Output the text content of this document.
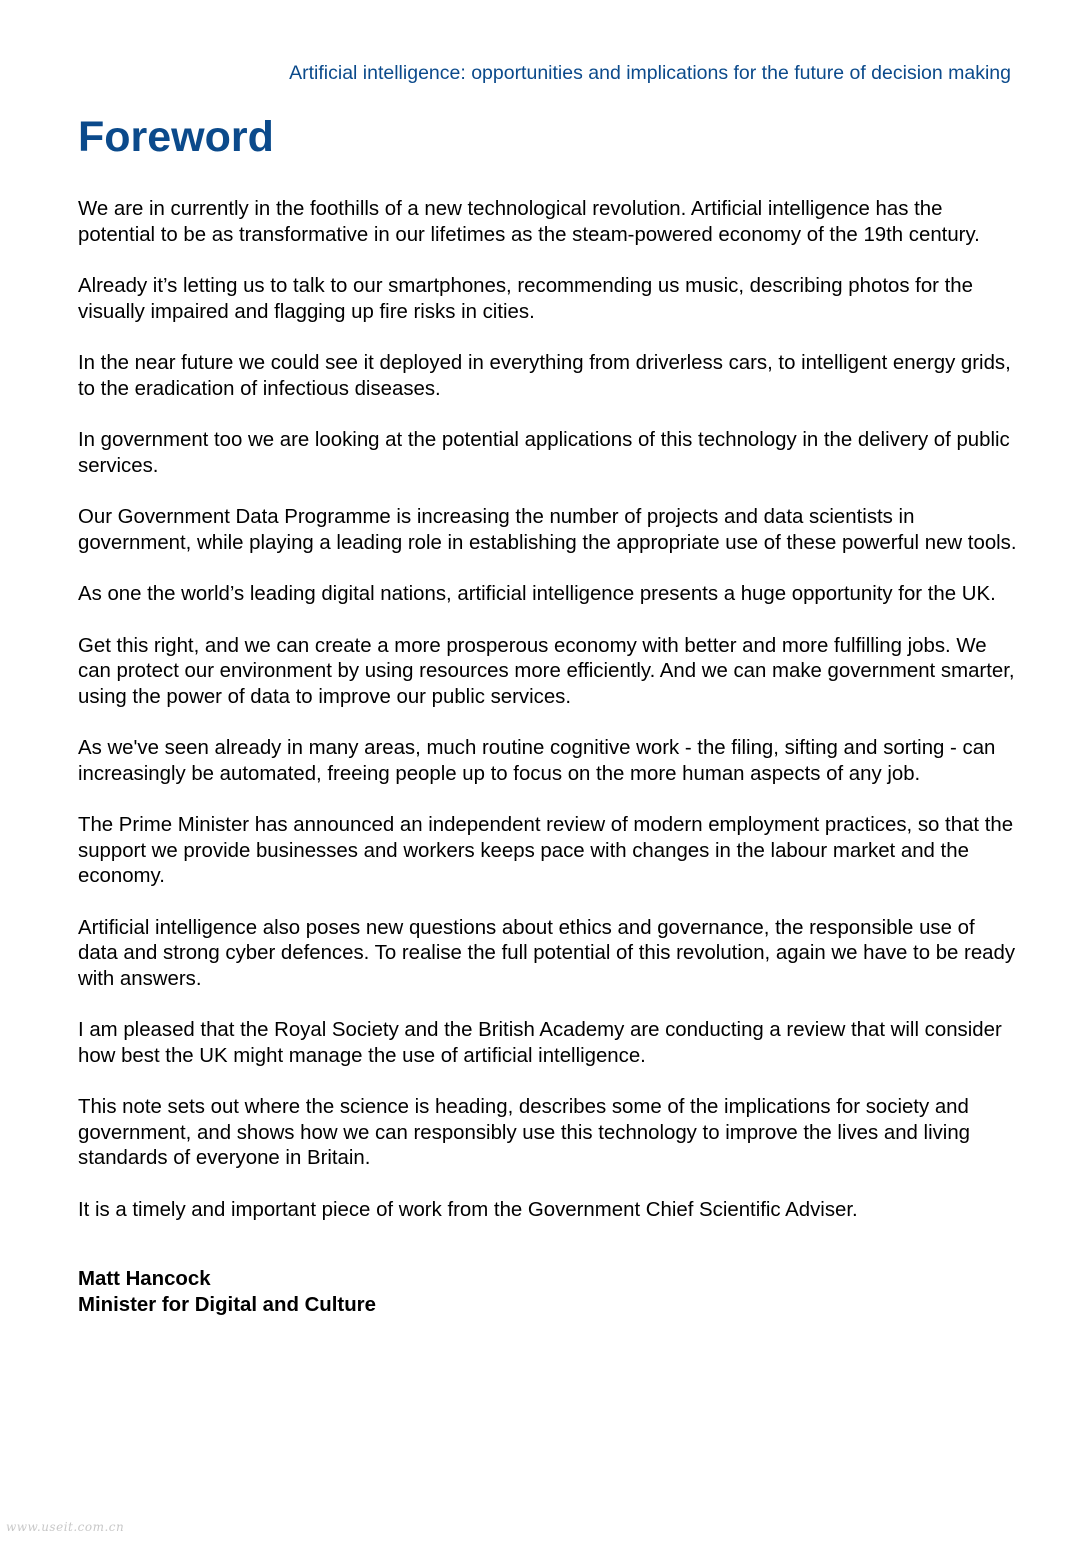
Artificial intelligence: opportunities and implications for the future of decision making
Foreword

We are in currently in the foothills of a new technological revolution. Artificial intelligence has the potential to be as transformative in our lifetimes as the steam-powered economy of the 19th century.

Already it’s letting us to talk to our smartphones, recommending us music, describing photos for the visually impaired and flagging up fire risks in cities.

In the near future we could see it deployed in everything from driverless cars, to intelligent energy grids, to the eradication of infectious diseases.

In government too we are looking at the potential applications of this technology in the delivery of public services.

Our Government Data Programme is increasing the number of projects and data scientists in government, while playing a leading role in establishing the appropriate use of these powerful new tools.

As one the world’s leading digital nations, artificial intelligence presents a huge opportunity for the UK.

Get this right, and we can create a more prosperous economy with better and more fulfilling jobs. We can protect our environment by using resources more efficiently. And we can make government smarter, using the power of data to improve our public services.

As we've seen already in many areas, much routine cognitive work - the filing, sifting and sorting - can increasingly be automated, freeing people up to focus on the more human aspects of any job.

The Prime Minister has announced an independent review of modern employment practices, so that the support we provide businesses and workers keeps pace with changes in the labour market and the economy.

Artificial intelligence also poses new questions about ethics and governance, the responsible use of data and strong cyber defences. To realise the full potential of this revolution, again we have to be ready with answers.

I am pleased that the Royal Society and the British Academy are conducting a review that will consider how best the UK might manage the use of artificial intelligence.

This note sets out where the science is heading, describes some of the implications for society and government, and shows how we can responsibly use this technology to improve the lives and living standards of everyone in Britain.

It is a timely and important piece of work from the Government Chief Scientific Adviser.

Matt Hancock
Minister for Digital and Culture
www.useit.com.cn
